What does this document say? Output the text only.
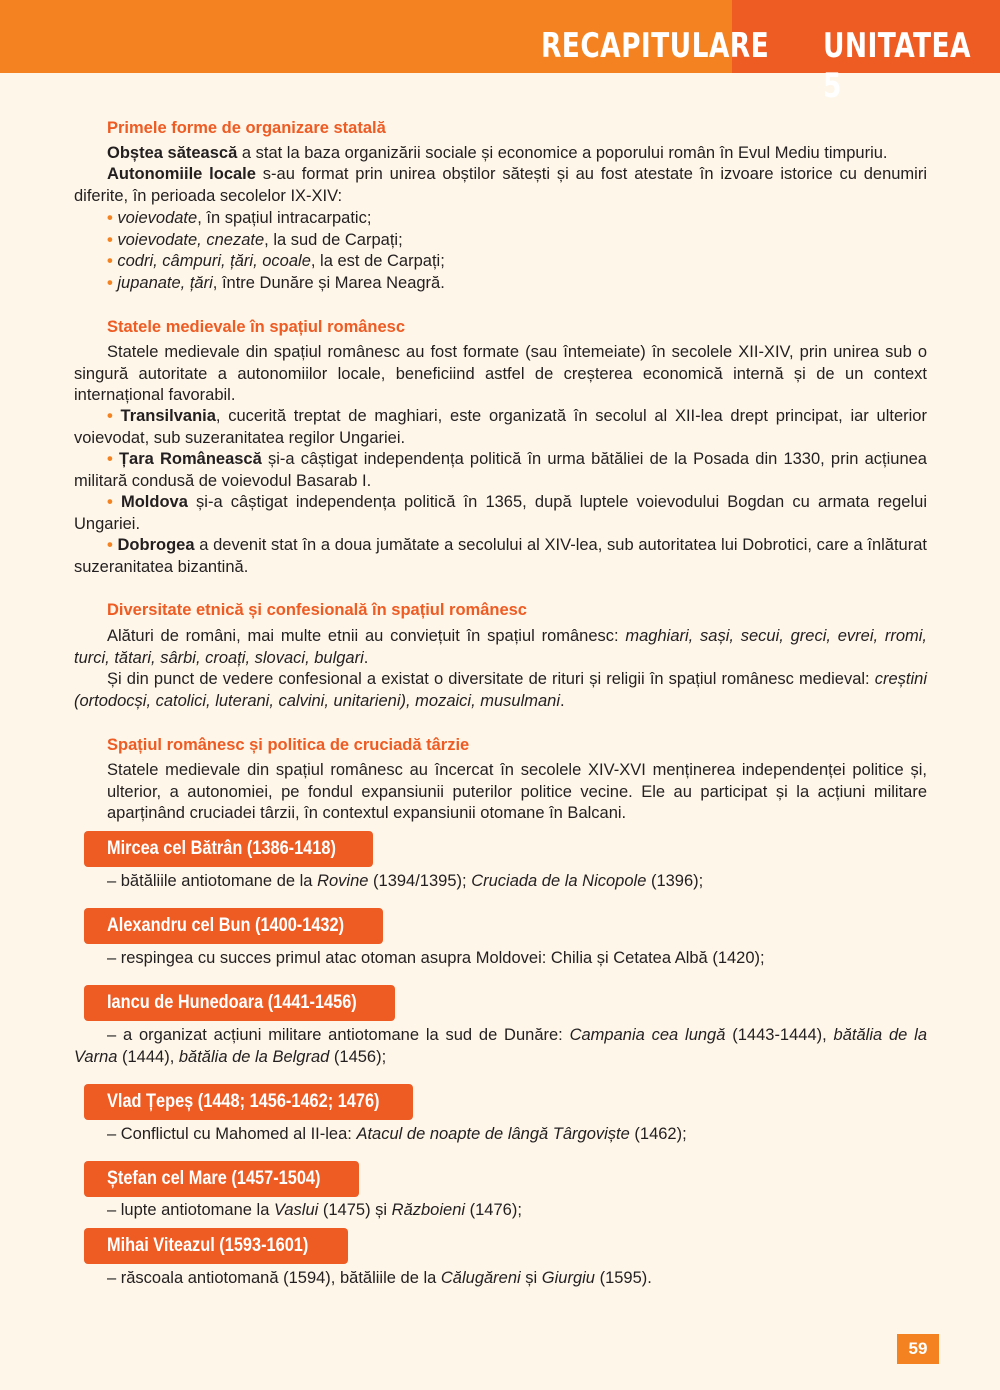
RECAPITULARE UNITATEA 5
Primele forme de organizare statală
Obștea sătească a stat la baza organizării sociale și economice a poporului român în Evul Mediu timpuriu.
Autonomiile locale s-au format prin unirea obștilor sătești și au fost atestate în izvoare istorice cu denumiri diferite, în perioada secolelor IX-XIV:
• voievodate, în spațiul intracarpatic;
• voievodate, cnezate, la sud de Carpați;
• codri, câmpuri, țări, ocoale, la est de Carpați;
• jupanate, țări, între Dunăre și Marea Neagră.
Statele medievale în spațiul românesc
Statele medievale din spațiul românesc au fost formate (sau întemeiate) în secolele XII-XIV, prin unirea sub o singură autoritate a autonomiilor locale, beneficiind astfel de creșterea economică internă și de un context internațional favorabil.
• Transilvania, cucerită treptat de maghiari, este organizată în secolul al XII-lea drept principat, iar ulterior voievodat, sub suzeranitatea regilor Ungariei.
• Țara Românească și-a câștigat independența politică în urma bătăliei de la Posada din 1330, prin acțiunea militară condusă de voievodul Basarab I.
• Moldova și-a câștigat independența politică în 1365, după luptele voievodului Bogdan cu armata regelui Ungariei.
• Dobrogea a devenit stat în a doua jumătate a secolului al XIV-lea, sub autoritatea lui Dobrotici, care a înlăturat suzeranitatea bizantină.
Diversitate etnică și confesională în spațiul românesc
Alături de români, mai multe etnii au conviețuit în spațiul românesc: maghiari, sași, secui, greci, evrei, rromi, turci, tătari, sârbi, croați, slovaci, bulgari.
Și din punct de vedere confesional a existat o diversitate de rituri și religii în spațiul românesc medieval: creștini (ortodocși, catolici, luterani, calvini, unitarieni), mozaici, musulmani.
Spațiul românesc și politica de cruciadă târzie
Statele medievale din spațiul românesc au încercat în secolele XIV-XVI menținerea independenței politice și, ulterior, a autonomiei, pe fondul expansiunii puterilor politice vecine. Ele au participat și la acțiuni militare aparținând cruciadei târzii, în contextul expansiunii otomane în Balcani.
Mircea cel Bătrân (1386-1418)
– bătăliile antiotomane de la Rovine (1394/1395); Cruciada de la Nicopole (1396);
Alexandru cel Bun (1400-1432)
– respingea cu succes primul atac otoman asupra Moldovei: Chilia și Cetatea Albă (1420);
Iancu de Hunedoara (1441-1456)
– a organizat acțiuni militare antiotomane la sud de Dunăre: Campania cea lungă (1443-1444), bătălia de la Varna (1444), bătălia de la Belgrad (1456);
Vlad Țepeș (1448; 1456-1462; 1476)
– Conflictul cu Mahomed al II-lea: Atacul de noapte de lângă Târgoviște (1462);
Ștefan cel Mare (1457-1504)
– lupte antiotomane la Vaslui (1475) și Războieni (1476);
Mihai Viteazul (1593-1601)
– răscoala antiotomană (1594), bătăliile de la Călugăreni și Giurgiu (1595).
59
